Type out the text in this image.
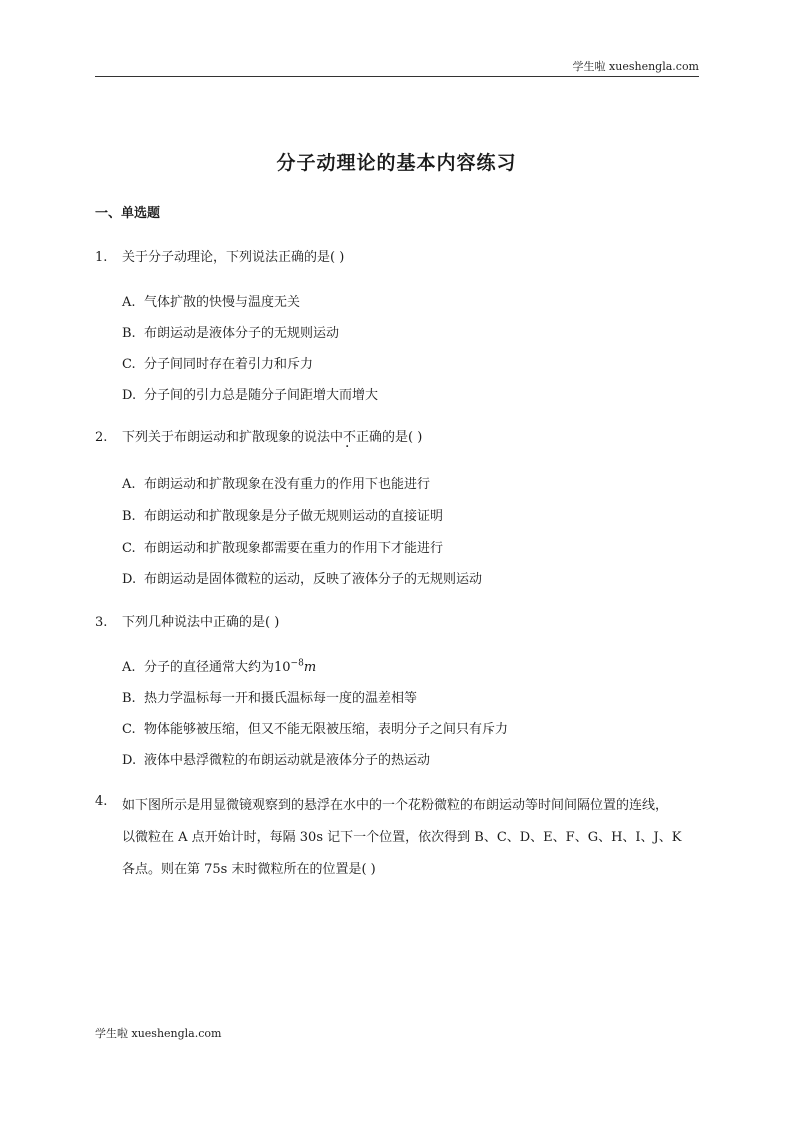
学生啦 xueshengla.com
分子动理论的基本内容练习
一、单选题
1. 关于分子动理论，下列说法正确的是( )
A. 气体扩散的快慢与温度无关
B. 布朗运动是液体分子的无规则运动
C. 分子间同时存在着引力和斥力
D. 分子间的引力总是随分子间距增大而增大
2. 下列关于布朗运动和扩散现象的说法中不正确的是( )
A. 布朗运动和扩散现象在没有重力的作用下也能进行
B. 布朗运动和扩散现象是分子做无规则运动的直接证明
C. 布朗运动和扩散现象都需要在重力的作用下才能进行
D. 布朗运动是固体微粒的运动，反映了液体分子的无规则运动
3. 下列几种说法中正确的是( )
A. 分子的直径通常大约为$10^{-8}m$
B. 热力学温标每一开和摄氏温标每一度的温差相等
C. 物体能够被压缩，但又不能无限被压缩，表明分子之间只有斥力
D. 液体中悬浮微粒的布朗运动就是液体分子的热运动
4.	如下图所示是用显微镜观察到的悬浮在水中的一个花粉微粒的布朗运动等时间间隔位置的连线，
以微粒在 A 点开始计时，每隔 30s 记下一个位置，依次得到 B、C、D、E、F、G、H、I、J、K
各点。则在第 75s 末时微粒所在的位置是( )
学生啦 xueshengla.com
